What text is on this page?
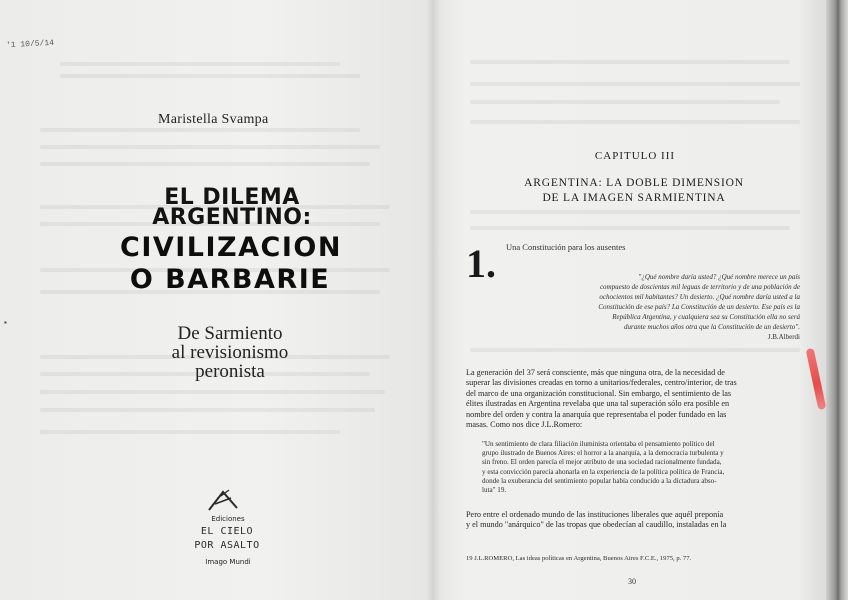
ʹ1 10/5/14
▪
Maristella Svampa
EL DILEMA
ARGENTINO:
CIVILIZACION
O BARBARIE
De Sarmiento
al revisionismo
peronista
Ediciones
EL CIELO
POR ASALTO
Imago Mundi
CAPITULO III
ARGENTINA: LA DOBLE DIMENSION
DE LA IMAGEN SARMIENTINA
1. Una Constitución para los ausentes
"¿Qué nombre daría usted? ¿Qué nombre merece un país
compuesto de doscientas mil leguas de territorio y de una población de
ochocientos mil habitantes? Un desierto. ¿Qué nombre daría usted a la
Constitución de ese país? La Constitución de un desierto. Ese país es la
República Argentina, y cualquiera sea su Constitución ella no será
durante muchos años otra que la Constitución de un desierto".
J.B.Alberdi
La generación del 37 será consciente, más que ninguna otra, de la necesidad de
superar las divisiones creadas en torno a unitarios/federales, centro/interior, de tras
del marco de una organización constitucional. Sin embargo, el sentimiento de las
élites ilustradas en Argentina revelaba que una tal superación sólo era posible en
nombre del orden y contra la anarquía que representaba el poder fundado en las
masas. Como nos dice J.L.Romero:
"Un sentimiento de clara filiación iluminista orientaba el pensamiento político del
grupo ilustrado de Buenos Aires: el horror a la anarquía, a la democracia turbulenta y
sin freno. El orden parecía el mejor atributo de una sociedad racionalmente fundada,
y esta convicción parecía ahonarla en la experiencia de la política política de Francia,
donde la exuberancia del sentimiento popular había conducido a la dictadura abso-
luta" 19.
Pero entre el ordenado mundo de las instituciones liberales que aquél preponía
y el mundo "anárquico" de las tropas que obedecían al caudillo, instaladas en la
19 J.L.ROMERO, Las ideas políticas en Argentina, Buenos Aires F.C.E., 1975, p. 77.
30
